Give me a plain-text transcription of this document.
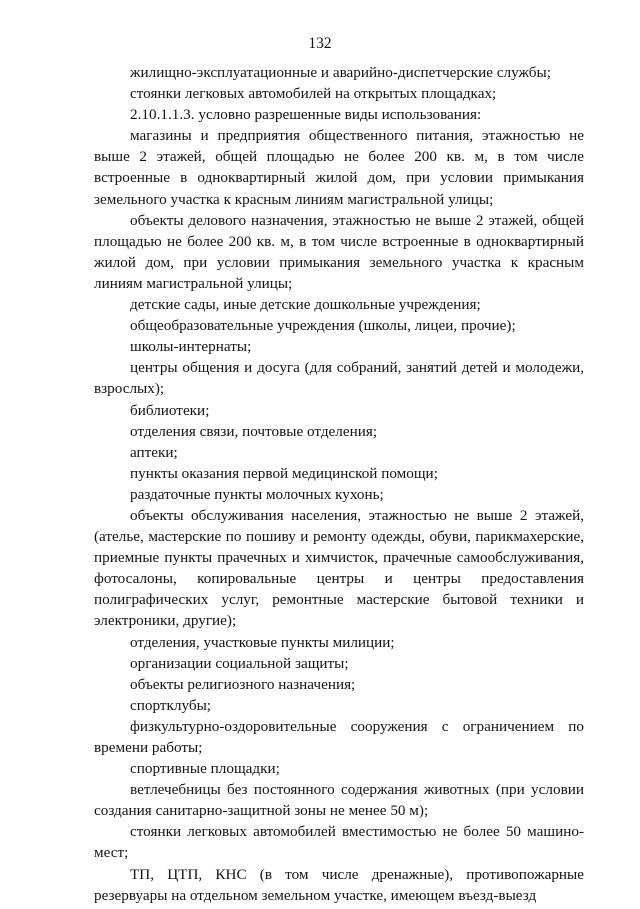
132

жилищно-эксплуатационные и аварийно-диспетчерские службы;

стоянки легковых автомобилей на открытых площадках;

2.10.1.1.3. условно разрешенные виды использования:

магазины и предприятия общественного питания, этажностью не выше 2 этажей, общей площадью не более 200 кв. м, в том числе встроенные в одноквартирный жилой дом, при условии примыкания земельного участка к красным линиям магистральной улицы;

объекты делового назначения, этажностью не выше 2 этажей, общей площадью не более 200 кв. м, в том числе встроенные в одноквартирный жилой дом, при условии примыкания земельного участка к красным линиям магистральной улицы;

детские сады, иные детские дошкольные учреждения;

общеобразовательные учреждения (школы, лицеи, прочие);

школы-интернаты;

центры общения и досуга (для собраний, занятий детей и молодежи, взрослых);

библиотеки;

отделения связи, почтовые отделения;

аптеки;

пункты оказания первой медицинской помощи;

раздаточные пункты молочных кухонь;

объекты обслуживания населения, этажностью не выше 2 этажей, (ателье, мастерские по пошиву и ремонту одежды, обуви, парикмахерские, приемные пункты прачечных и химчисток, прачечные самообслуживания, фотосалоны, копировальные центры и центры предоставления полиграфических услуг, ремонтные мастерские бытовой техники и электроники, другие);

отделения, участковые пункты милиции;

организации социальной защиты;

объекты религиозного назначения;

спортклубы;

физкультурно-оздоровительные сооружения с ограничением по времени работы;

спортивные площадки;

ветлечебницы без постоянного содержания животных (при условии создания санитарно-защитной зоны не менее 50 м);

стоянки легковых автомобилей вместимостью не более 50 машино-мест;

ТП, ЦТП, КНС (в том числе дренажные), противопожарные резервуары на отдельном земельном участке, имеющем въезд-выезд
